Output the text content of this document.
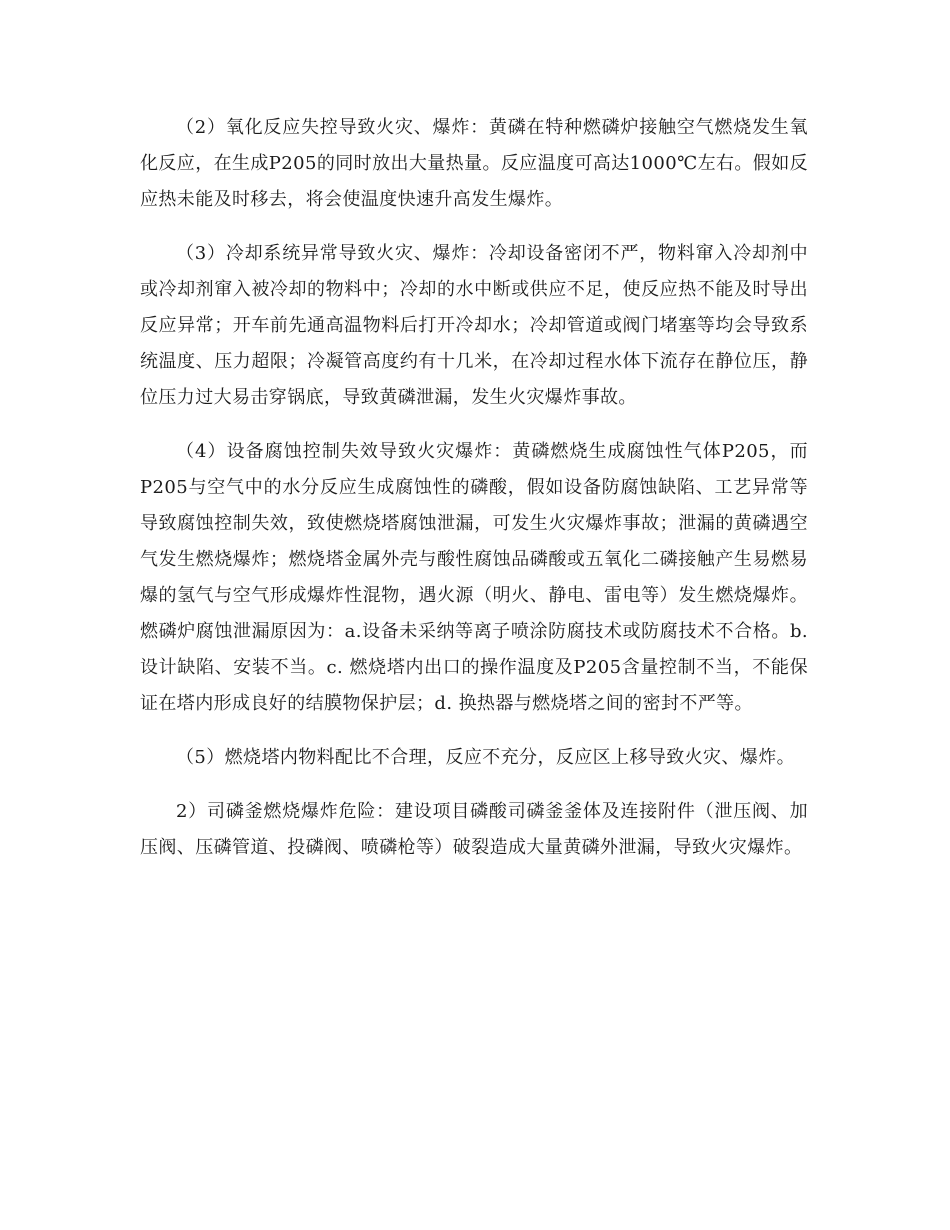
（2）氧化反应失控导致火灾、爆炸：黄磷在特种燃磷炉接触空气燃烧发生氧化反应，在生成P205的同时放出大量热量。反应温度可高达1000℃左右。假如反应热未能及时移去，将会使温度快速升高发生爆炸。

（3）冷却系统异常导致火灾、爆炸：冷却设备密闭不严，物料窜入冷却剂中或冷却剂窜入被冷却的物料中；冷却的水中断或供应不足，使反应热不能及时导出反应异常；开车前先通高温物料后打开冷却水；冷却管道或阀门堵塞等均会导致系统温度、压力超限；冷凝管高度约有十几米，在冷却过程水体下流存在静位压，静位压力过大易击穿锅底，导致黄磷泄漏，发生火灾爆炸事故。

（4）设备腐蚀控制失效导致火灾爆炸：黄磷燃烧生成腐蚀性气体P205，而P205与空气中的水分反应生成腐蚀性的磷酸，假如设备防腐蚀缺陷、工艺异常等导致腐蚀控制失效，致使燃烧塔腐蚀泄漏，可发生火灾爆炸事故；泄漏的黄磷遇空气发生燃烧爆炸；燃烧塔金属外壳与酸性腐蚀品磷酸或五氧化二磷接触产生易燃易爆的氢气与空气形成爆炸性混物，遇火源（明火、静电、雷电等）发生燃烧爆炸。燃磷炉腐蚀泄漏原因为：a.设备未采纳等离子喷涂防腐技术或防腐技术不合格。b.设计缺陷、安装不当。c. 燃烧塔内出口的操作温度及P205含量控制不当，不能保证在塔内形成良好的结膜物保护层；d. 换热器与燃烧塔之间的密封不严等。

（5）燃烧塔内物料配比不合理，反应不充分，反应区上移导致火灾、爆炸。

2）司磷釜燃烧爆炸危险：建设项目磷酸司磷釜釜体及连接附件（泄压阀、加压阀、压磷管道、投磷阀、喷磷枪等）破裂造成大量黄磷外泄漏，导致火灾爆炸。
